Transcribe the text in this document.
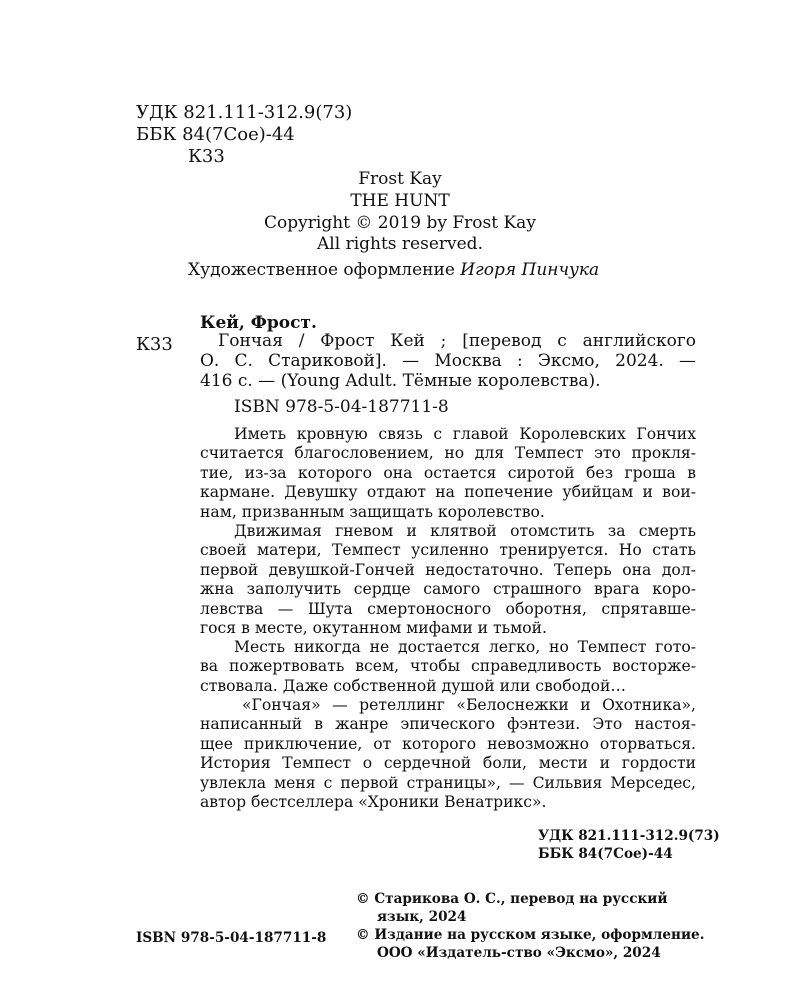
УДК 821.111-312.9(73)
ББК 84(7Сое)-44
К33
Frost Kay
THE HUNT
Copyright © 2019 by Frost Kay
All rights reserved.
Художественное оформление Игоря Пинчука
Кей, Фрост.
К33	Гончая / Фрост Кей ; [перевод с английского
О. С. Стариковой]. — Москва : Эксмо, 2024. —
416 с. — (Young Adult. Тёмные королевства).
ISBN 978-5-04-187711-8
Иметь кровную связь с главой Королевских Гончих
считается благословением, но для Темпест это прокля-
тие, из-за которого она остается сиротой без гроша в
кармане. Девушку отдают на попечение убийцам и вои-
нам, призванным защищать королевство.
Движимая гневом и клятвой отомстить за смерть
своей матери, Темпест усиленно тренируется. Но стать
первой девушкой-Гончей недостаточно. Теперь она дол-
жна заполучить сердце самого страшного врага коро-
левства — Шута смертоносного оборотня, спрятавше-
гося в месте, окутанном мифами и тьмой.
Месть никогда не достается легко, но Темпест гото-
ва пожертвовать всем, чтобы справедливость восторже-
ствовала. Даже собственной душой или свободой…
«Гончая» — ретеллинг «Белоснежки и Охотника»,
написанный в жанре эпического фэнтези. Это настоя-
щее приключение, от которого невозможно оторваться.
История Темпест о сердечной боли, мести и гордости
увлекла меня с первой страницы», — Сильвия Мерседес,
автор бестселлера «Хроники Венатрикс».
УДК 821.111-312.9(73)
ББК 84(7Сое)-44
ISBN 978-5-04-187711-8
© Старикова О. С., перевод на русский
язык, 2024
© Издание на русском языке, оформление.
ООО «Издатель-ство «Эксмо», 2024
